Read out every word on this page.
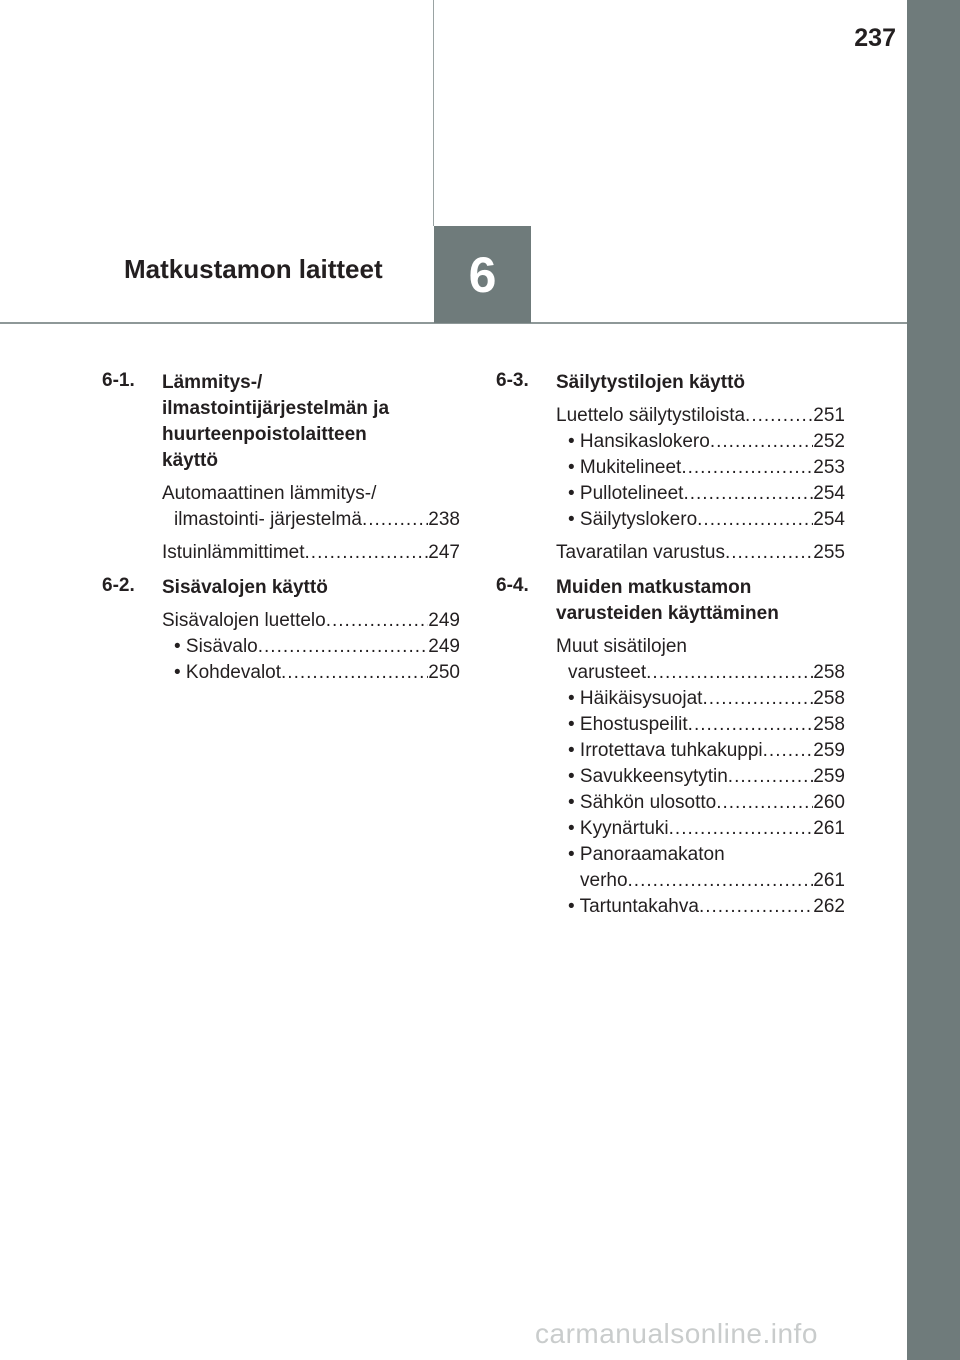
237
Matkustamon laitteet 6
6-1. Lämmitys-/
ilmastointijärjestelmän ja
huurteenpoistolaitteen
käyttö
Automaattinen lämmitys-/
ilmastointi- järjestelmä .....	238
Istuinlämmittimet .....	247
6-2. Sisävalojen käyttö
Sisävalojen luettelo .....	249
• Sisävalo .....	249
• Kohdevalot .....	250
6-3. Säilytystilojen käyttö
Luettelo säilytystiloista .....	251
• Hansikaslokero .....	252
• Mukitelineet .....	253
• Pullotelineet .....	254
• Säilytyslokero .....	254
Tavaratilan varustus .....	255
6-4. Muiden matkustamon
varusteiden käyttäminen
Muut sisätilojen
varusteet .....	258
• Häikäisysuojat .....	258
• Ehostuspeilit .....	258
• Irrotettava tuhkakuppi .....	259
• Savukkeensytytin .....	259
• Sähkön ulosotto .....	260
• Kyynärtuki .....	261
• Panoraamakaton
verho .....	261
• Tartuntakahva .....	262
carmanualsonline.info
